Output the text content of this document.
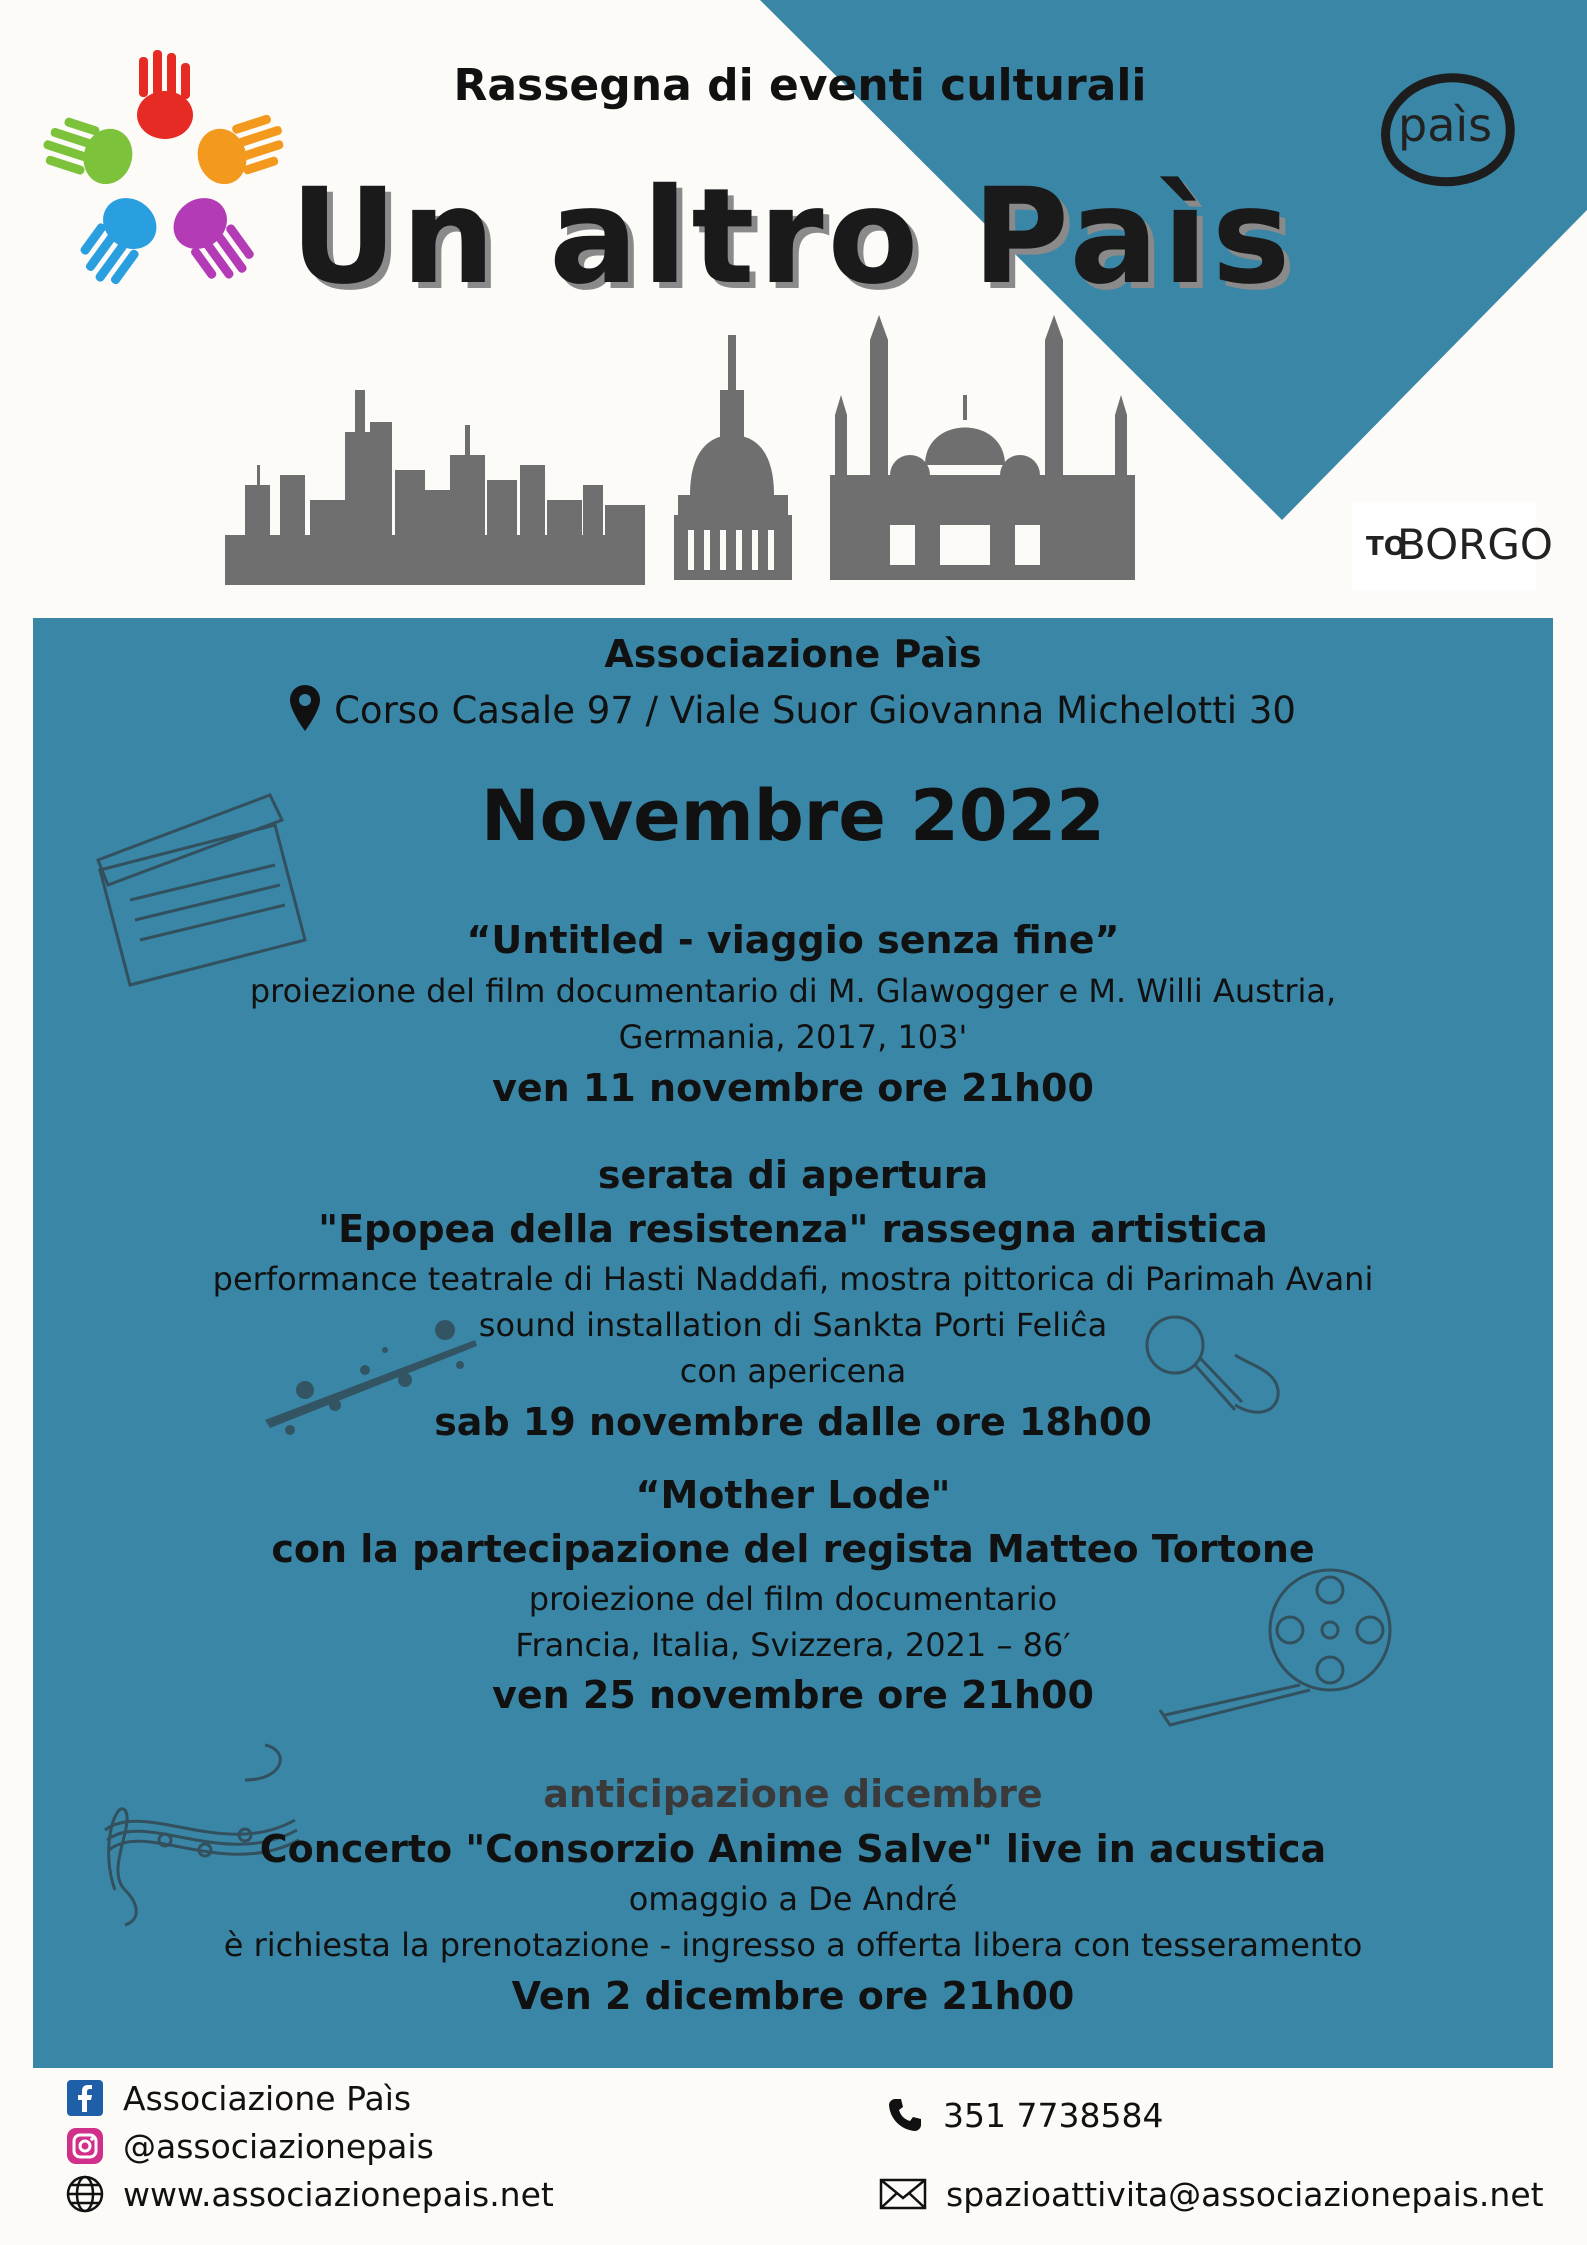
Rassegna di eventi culturali
Un altro Paìs
paìs
TO
BORGO
Associazione Paìs
Corso Casale 97 / Viale Suor Giovanna Michelotti 30
Novembre 2022
“Untitled - viaggio senza fine”
proiezione del film documentario di M. Glawogger e M. Willi Austria,
Germania, 2017, 103'
ven 11 novembre ore 21h00
serata di apertura
"Epopea della resistenza" rassegna artistica
performance teatrale di Hasti Naddafi, mostra pittorica di Parimah Avani
sound installation di Sankta Porti Feliĉa
con apericena
sab 19 novembre dalle ore 18h00
“Mother Lode"
con la partecipazione del regista Matteo Tortone
proiezione del film documentario
Francia, Italia, Svizzera, 2021 – 86′
ven 25 novembre ore 21h00
anticipazione dicembre
Concerto "Consorzio Anime Salve" live in acustica
omaggio a De André
è richiesta la prenotazione - ingresso a offerta libera con tesseramento
Ven 2 dicembre ore 21h00
Associazione Paìs
@associazionepais
www.associazionepais.net
351 7738584
spazioattivita@associazionepais.net
